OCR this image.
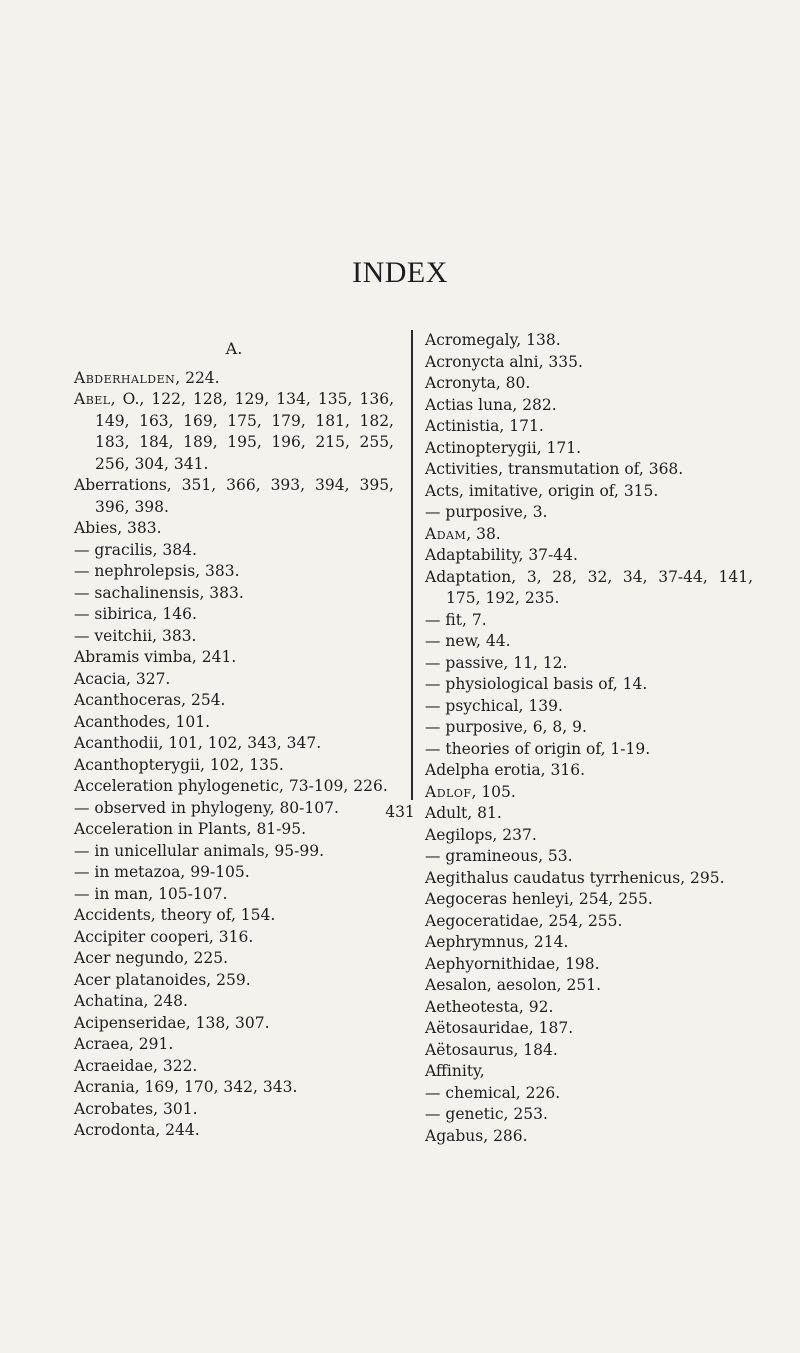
INDEX
A.
Abderhalden, 224.
Abel, O., 122, 128, 129, 134, 135, 136, 149, 163, 169, 175, 179, 181, 182, 183, 184, 189, 195, 196, 215, 255, 256, 304, 341.
Aberrations, 351, 366, 393, 394, 395, 396, 398.
Abies, 383.
— gracilis, 384.
— nephrolepsis, 383.
— sachalinensis, 383.
— sibirica, 146.
— veitchii, 383.
Abramis vimba, 241.
Acacia, 327.
Acanthoceras, 254.
Acanthodes, 101.
Acanthodii, 101, 102, 343, 347.
Acanthopterygii, 102, 135.
Acceleration phylogenetic, 73-109, 226.
— observed in phylogeny, 80-107.
Acceleration in Plants, 81-95.
— in unicellular animals, 95-99.
— in metazoa, 99-105.
— in man, 105-107.
Accidents, theory of, 154.
Accipiter cooperi, 316.
Acer negundo, 225.
Acer platanoides, 259.
Achatina, 248.
Acipenseridae, 138, 307.
Acraea, 291.
Acraeidae, 322.
Acrania, 169, 170, 342, 343.
Acrobates, 301.
Acrodonta, 244.
Acromegaly, 138.
Acronycta alni, 335.
Acronyta, 80.
Actias luna, 282.
Actinistia, 171.
Actinopterygii, 171.
Activities, transmutation of, 368.
Acts, imitative, origin of, 315.
— purposive, 3.
Adam, 38.
Adaptability, 37-44.
Adaptation, 3, 28, 32, 34, 37-44, 141, 175, 192, 235.
— fit, 7.
— new, 44.
— passive, 11, 12.
— physiological basis of, 14.
— psychical, 139.
— purposive, 6, 8, 9.
— theories of origin of, 1-19.
Adelpha erotia, 316.
Adlof, 105.
Adult, 81.
Aegilops, 237.
— gramineous, 53.
Aegithalus caudatus tyrrhenicus, 295.
Aegoceras henleyi, 254, 255.
Aegoceratidae, 254, 255.
Aephrymnus, 214.
Aephyornithidae, 198.
Aesalon, aesolon, 251.
Aetheotesta, 92.
Aëtosauridae, 187.
Aëtosaurus, 184.
Affinity,
— chemical, 226.
— genetic, 253.
Agabus, 286.
431
